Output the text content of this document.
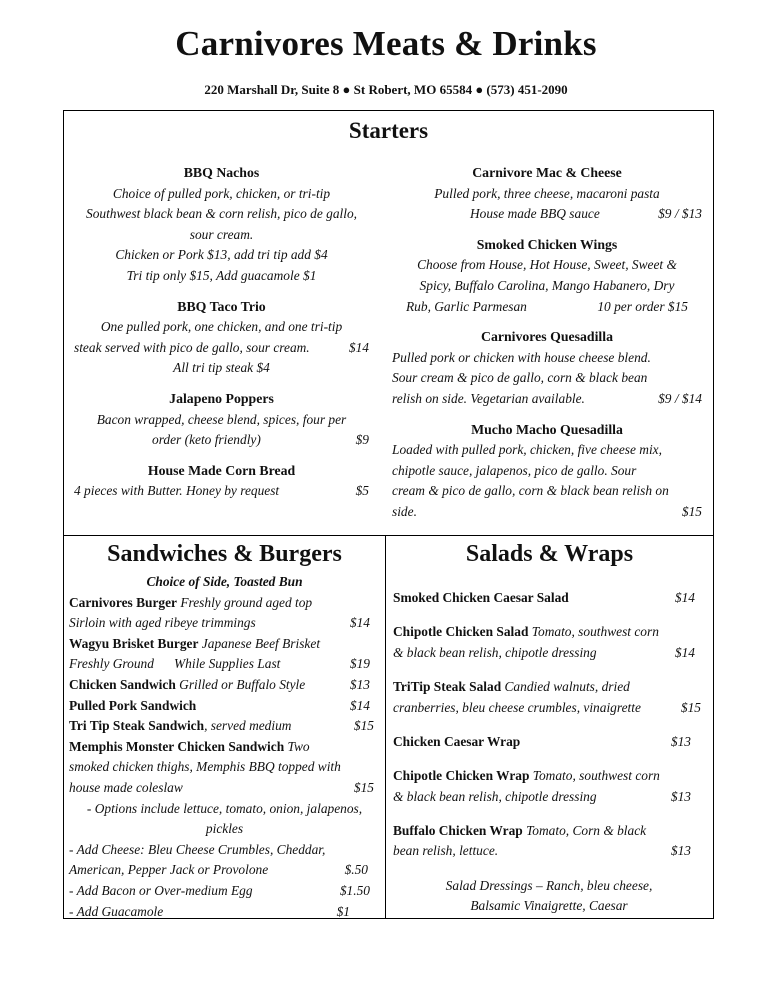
Carnivores Meats & Drinks
220 Marshall Dr, Suite 8 ● St Robert, MO 65584 ● (573) 451-2090
Starters
BBQ Nachos
Choice of pulled pork, chicken, or tri-tip
Southwest black bean & corn relish, pico de gallo,
sour cream.
Chicken or Pork $13, add tri tip add $4
Tri tip only $15, Add guacamole $1
BBQ Taco Trio
One pulled pork, one chicken, and one tri-tip
steak served with pico de gallo, sour cream.	$14
All tri tip steak $4
Jalapeno Poppers
Bacon wrapped, cheese blend, spices, four per
order (keto friendly)	$9
House Made Corn Bread
4 pieces with Butter. Honey by request	$5
Carnivore Mac & Cheese
Pulled pork, three cheese, macaroni pasta
House made BBQ sauce	$9 / $13
Smoked Chicken Wings
Choose from House, Hot House, Sweet, Sweet &
Spicy, Buffalo Carolina, Mango Habanero, Dry
Rub, Garlic Parmesan	10 per order $15
Carnivores Quesadilla
Pulled pork or chicken with house cheese blend.
Sour cream & pico de gallo, corn & black bean
relish on side. Vegetarian available.	$9 / $14
Mucho Macho Quesadilla
Loaded with pulled pork, chicken, five cheese mix,
chipotle sauce, jalapenos, pico de gallo. Sour
cream & pico de gallo, corn & black bean relish on
side.	$15
Sandwiches & Burgers
Choice of Side, Toasted Bun
Carnivores Burger Freshly ground aged top
Sirloin with aged ribeye trimmings	$14
Wagyu Brisket Burger Japanese Beef Brisket
Freshly Ground      While Supplies Last	$19
Chicken Sandwich Grilled or Buffalo Style	$13
Pulled Pork Sandwich	$14
Tri Tip Steak Sandwich, served medium	$15
Memphis Monster Chicken Sandwich Two
smoked chicken thighs, Memphis BBQ topped with
house made coleslaw	$15
- Options include lettuce, tomato, onion, jalapenos,
pickles
- Add Cheese: Bleu Cheese Crumbles, Cheddar,
American, Pepper Jack or Provolone	$.50
- Add Bacon or Over-medium Egg	$1.50
- Add Guacamole	$1
Salads & Wraps
Smoked Chicken Caesar Salad	$14
Chipotle Chicken Salad Tomato, southwest corn
& black bean relish, chipotle dressing	$14
TriTip Steak Salad Candied walnuts, dried
cranberries, bleu cheese crumbles, vinaigrette	$15
Chicken Caesar Wrap	$13
Chipotle Chicken Wrap Tomato, southwest corn
& black bean relish, chipotle dressing	$13
Buffalo Chicken Wrap Tomato, Corn & black
bean relish, lettuce.	$13
Salad Dressings – Ranch, bleu cheese,
Balsamic Vinaigrette, Caesar
